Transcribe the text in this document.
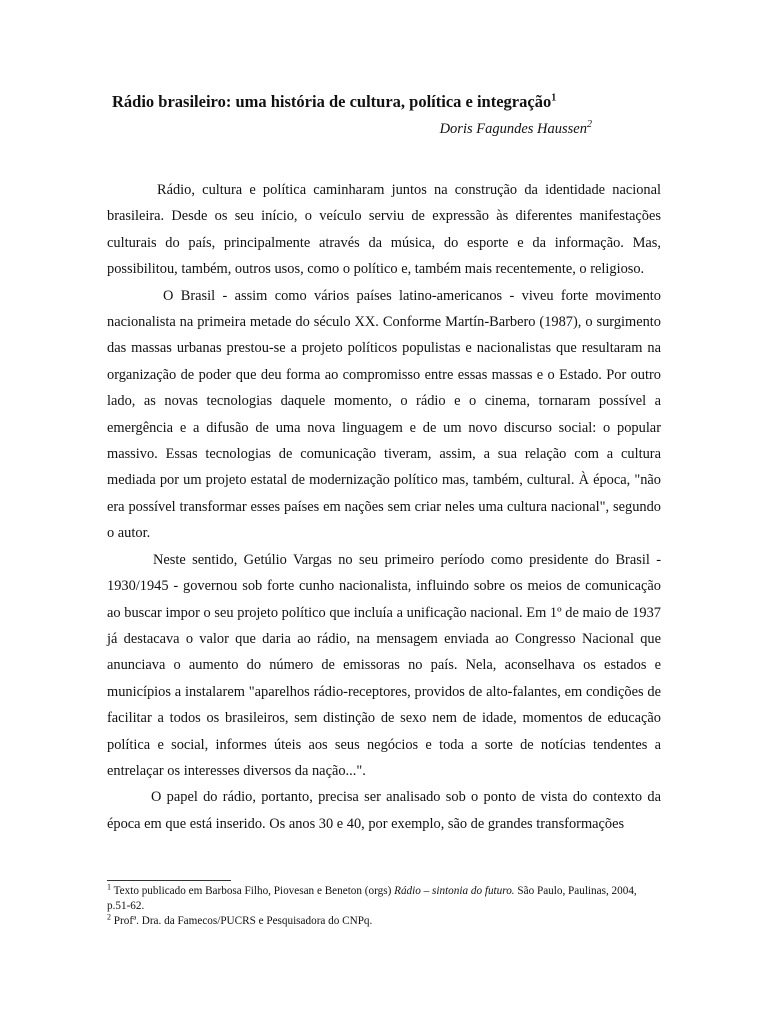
Rádio brasileiro: uma história de cultura, política e integração$^1$
Doris Fagundes Haussen$^2$

Rádio, cultura e política caminharam juntos na construção da identidade nacional brasileira. Desde os seu início, o veículo serviu de expressão às diferentes manifestações culturais do país, principalmente através da música, do esporte e da informação. Mas, possibilitou, também, outros usos, como o político e, também mais recentemente, o religioso.

O Brasil - assim como vários países latino-americanos - viveu forte movimento nacionalista na primeira metade do século XX. Conforme Martín-Barbero (1987), o surgimento das massas urbanas prestou-se a projeto políticos populistas e nacionalistas que resultaram na organização de poder que deu forma ao compromisso entre essas massas e o Estado. Por outro lado, as novas tecnologias daquele momento, o rádio e o cinema, tornaram possível a emergência e a difusão de uma nova linguagem e de um novo discurso social: o popular massivo. Essas tecnologias de comunicação tiveram, assim, a sua relação com a cultura mediada por um projeto estatal de modernização político mas, também, cultural. À época, "não era possível transformar esses países em nações sem criar neles uma cultura nacional", segundo o autor.

Neste sentido, Getúlio Vargas no seu primeiro período como presidente do Brasil - 1930/1945 - governou sob forte cunho nacionalista, influindo sobre os meios de comunicação ao buscar impor o seu projeto político que incluía a unificação nacional. Em 1º de maio de 1937 já destacava o valor que daria ao rádio, na mensagem enviada ao Congresso Nacional que anunciava o aumento do número de emissoras no país. Nela, aconselhava os estados e municípios a instalarem "aparelhos rádio-receptores, providos de alto-falantes, em condições de facilitar a todos os brasileiros, sem distinção de sexo nem de idade, momentos de educação política e social, informes úteis aos seus negócios e toda a sorte de notícias tendentes a entrelaçar os interesses diversos da nação...".

O papel do rádio, portanto, precisa ser analisado sob o ponto de vista do contexto da época em que está inserido. Os anos 30 e 40, por exemplo, são de grandes transformações

$^1$ Texto publicado em Barbosa Filho, Piovesan e Beneton (orgs) Rádio – sintonia do futuro. São Paulo, Paulinas, 2004, p.51-62.
$^2$ Profª. Dra. da Famecos/PUCRS e Pesquisadora do CNPq.
